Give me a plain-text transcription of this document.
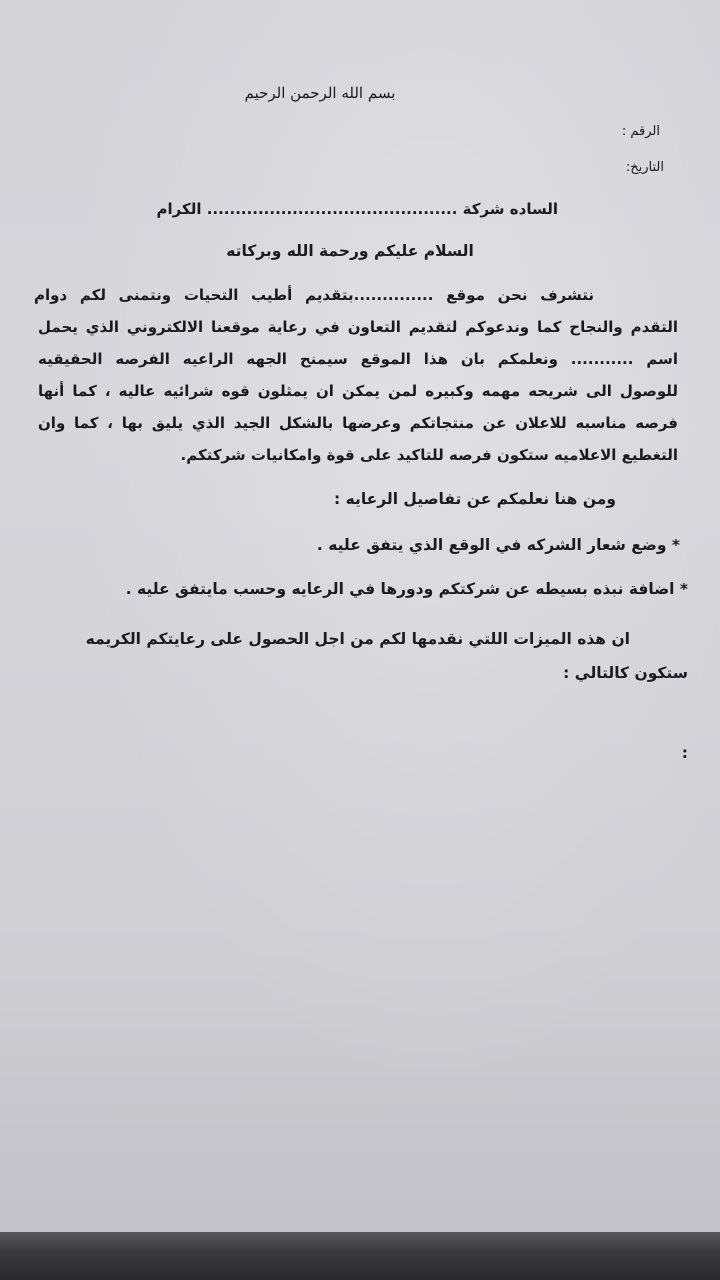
بسم الله الرحمن الرحيم
الرقم :
التاريخ:
الساده شركة ............................................ الكرام
السلام عليكم ورحمة الله وبركاته
نتشرف نحن موقع ..............بتقديم أطيب التحيات ونتمنى لكم دوام
التقدم والنجاح كما وندعوكم لتقديم التعاون في رعاية موقعنا الالكتروني الذي يحمل
اسم ........... ونعلمكم بان هذا الموقع سيمنح الجهه الراعيه الفرصه الحقيقيه
للوصول الى شريحه مهمه وكبيره لمن يمكن ان يمثلون قوه شرائيه عاليه ، كما أنها
فرصه مناسبه للاعلان عن منتجاتكم وعرضها بالشكل الجيد الذي يليق بها ، كما وان
التغطيع الاعلاميه ستكون فرصه للتاكيد على قوة وامكانيات شركتكم.
ومن هنا نعلمكم عن تفاصيل الرعايه :
* وضع شعار الشركه في الوقع الذي يتفق عليه .
* اضافة نبذه بسيطه عن شركتكم ودورها في الرعايه وحسب مايتفق عليه .
ان هذه الميزات اللتي نقدمها لكم من اجل الحصول على رعايتكم الكريمه
ستكون كالتالي :
:
